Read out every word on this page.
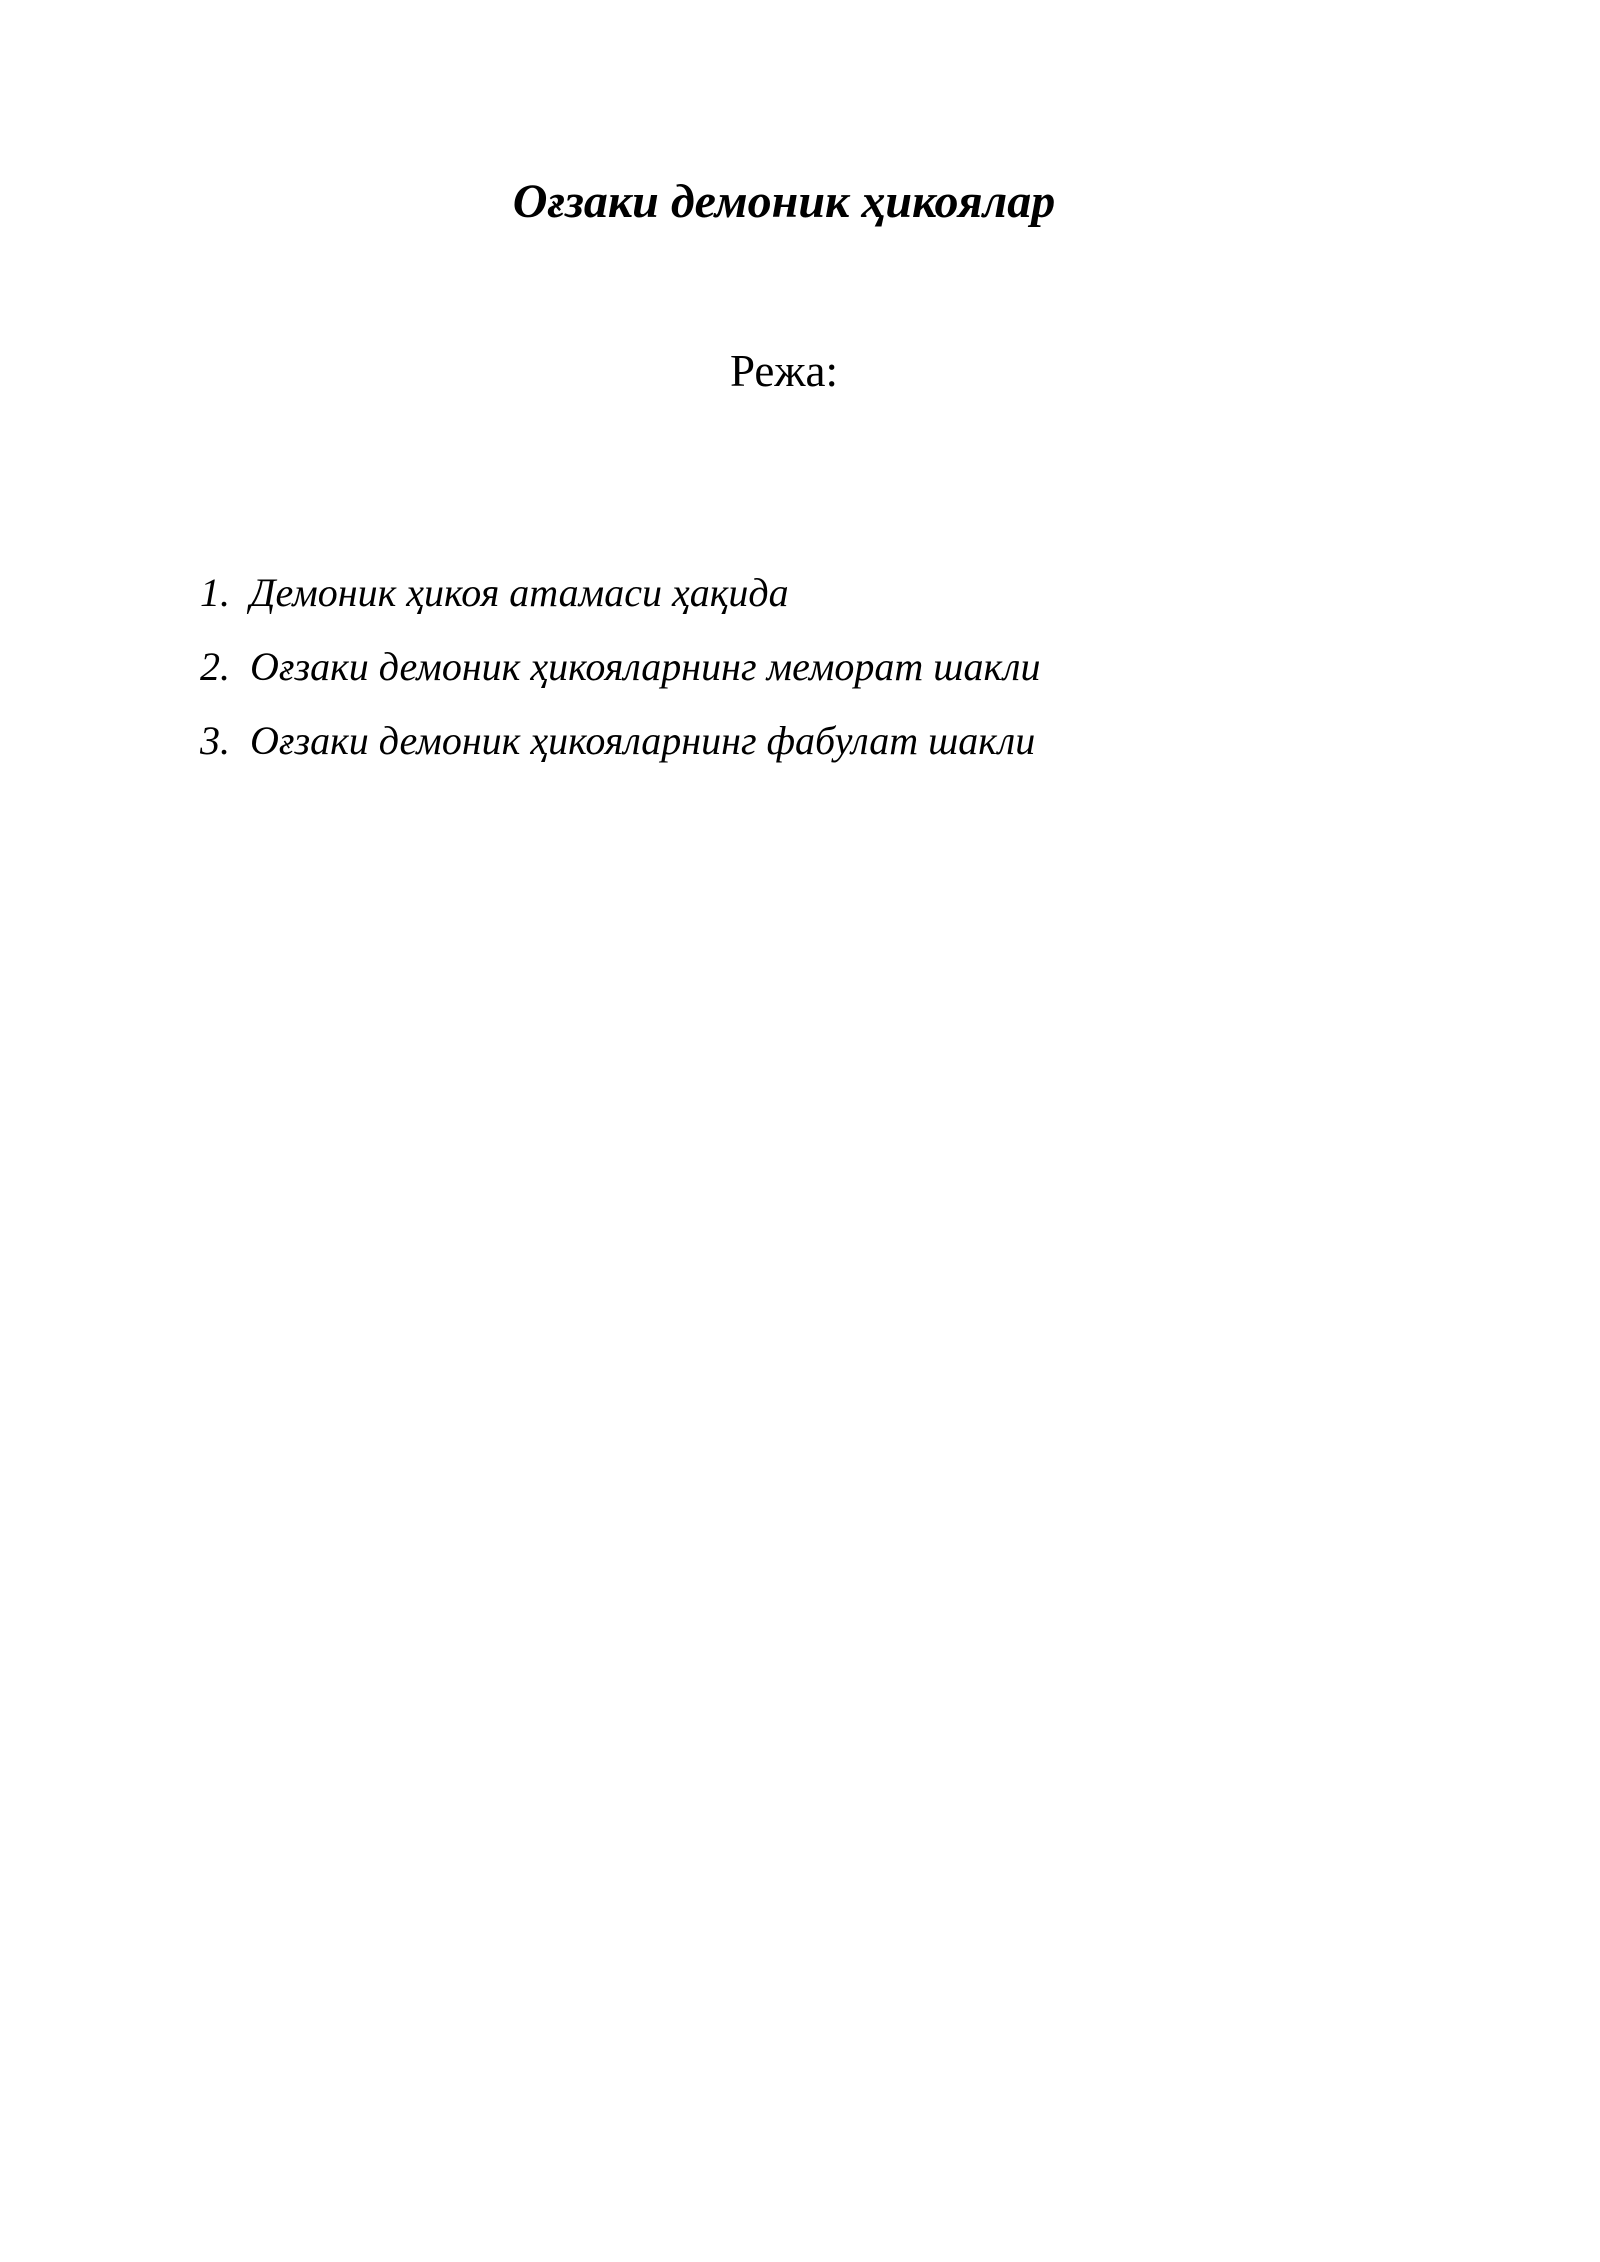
Оғзаки демоник ҳикоялар
Режа:
1. Демоник ҳикоя атамаси ҳақида
2. Оғзаки демоник ҳикояларнинг меморат шакли
3. Оғзаки демоник ҳикояларнинг фабулат шакли
